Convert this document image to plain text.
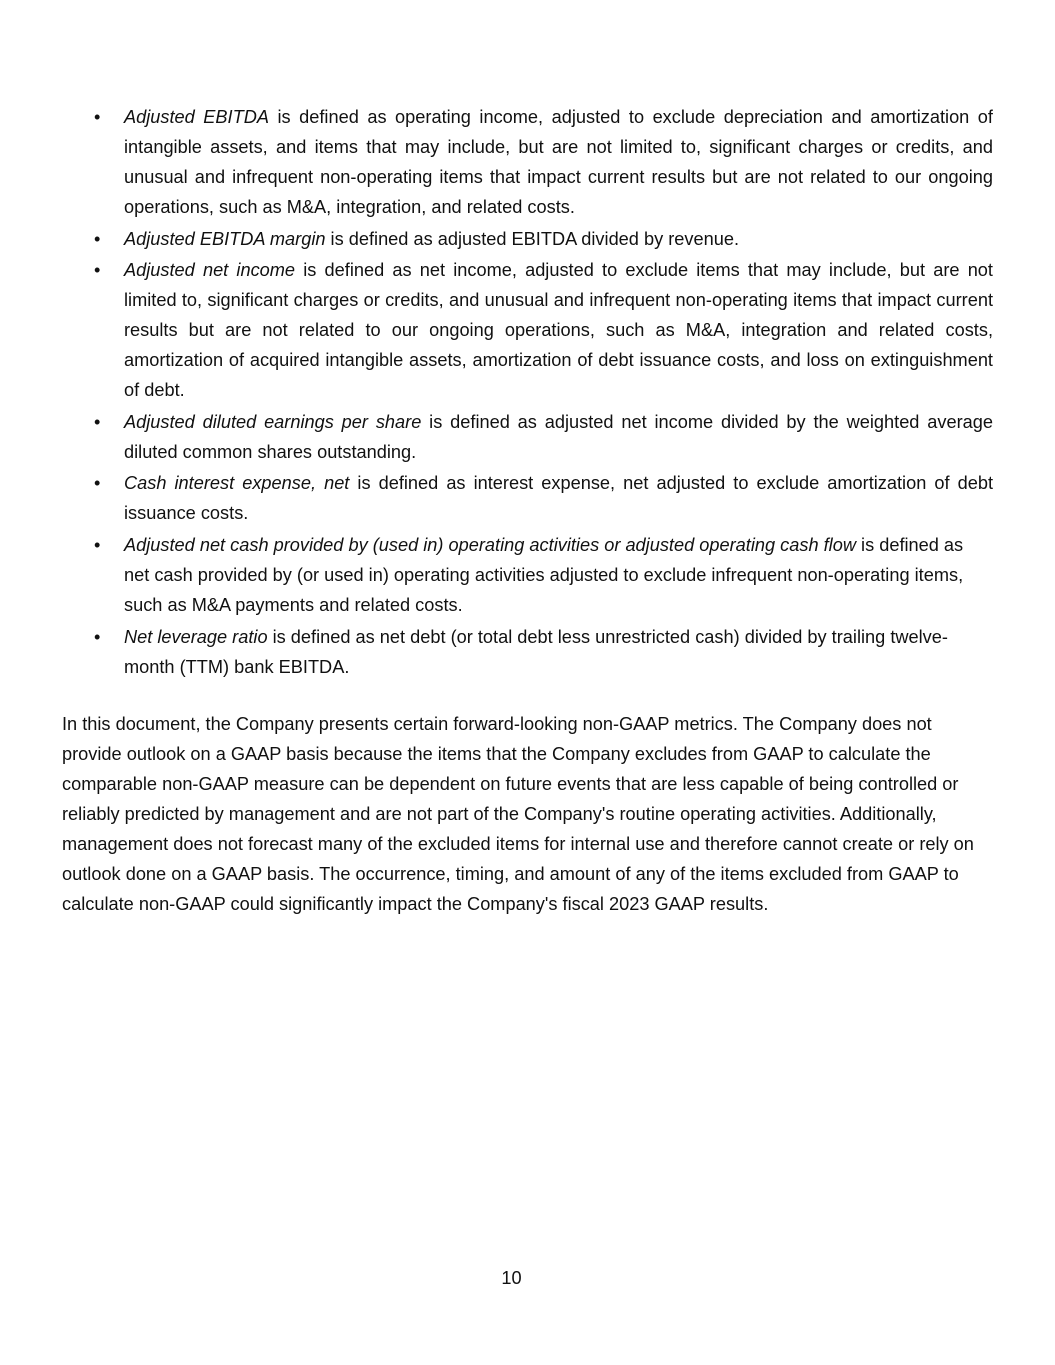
• Adjusted EBITDA is defined as operating income, adjusted to exclude depreciation and amortization of intangible assets, and items that may include, but are not limited to, significant charges or credits, and unusual and infrequent non-operating items that impact current results but are not related to our ongoing operations, such as M&A, integration, and related costs.
• Adjusted EBITDA margin is defined as adjusted EBITDA divided by revenue.
• Adjusted net income is defined as net income, adjusted to exclude items that may include, but are not limited to, significant charges or credits, and unusual and infrequent non-operating items that impact current results but are not related to our ongoing operations, such as M&A, integration and related costs, amortization of acquired intangible assets, amortization of debt issuance costs, and loss on extinguishment of debt.
• Adjusted diluted earnings per share is defined as adjusted net income divided by the weighted average diluted common shares outstanding.
• Cash interest expense, net is defined as interest expense, net adjusted to exclude amortization of debt issuance costs.
• Adjusted net cash provided by (used in) operating activities or adjusted operating cash flow is defined as net cash provided by (or used in) operating activities adjusted to exclude infrequent non-operating items, such as M&A payments and related costs.
• Net leverage ratio is defined as net debt (or total debt less unrestricted cash) divided by trailing twelve-month (TTM) bank EBITDA.

In this document, the Company presents certain forward-looking non-GAAP metrics. The Company does not provide outlook on a GAAP basis because the items that the Company excludes from GAAP to calculate the comparable non-GAAP measure can be dependent on future events that are less capable of being controlled or reliably predicted by management and are not part of the Company's routine operating activities. Additionally, management does not forecast many of the excluded items for internal use and therefore cannot create or rely on outlook done on a GAAP basis. The occurrence, timing, and amount of any of the items excluded from GAAP to calculate non-GAAP could significantly impact the Company's fiscal 2023 GAAP results.

10
